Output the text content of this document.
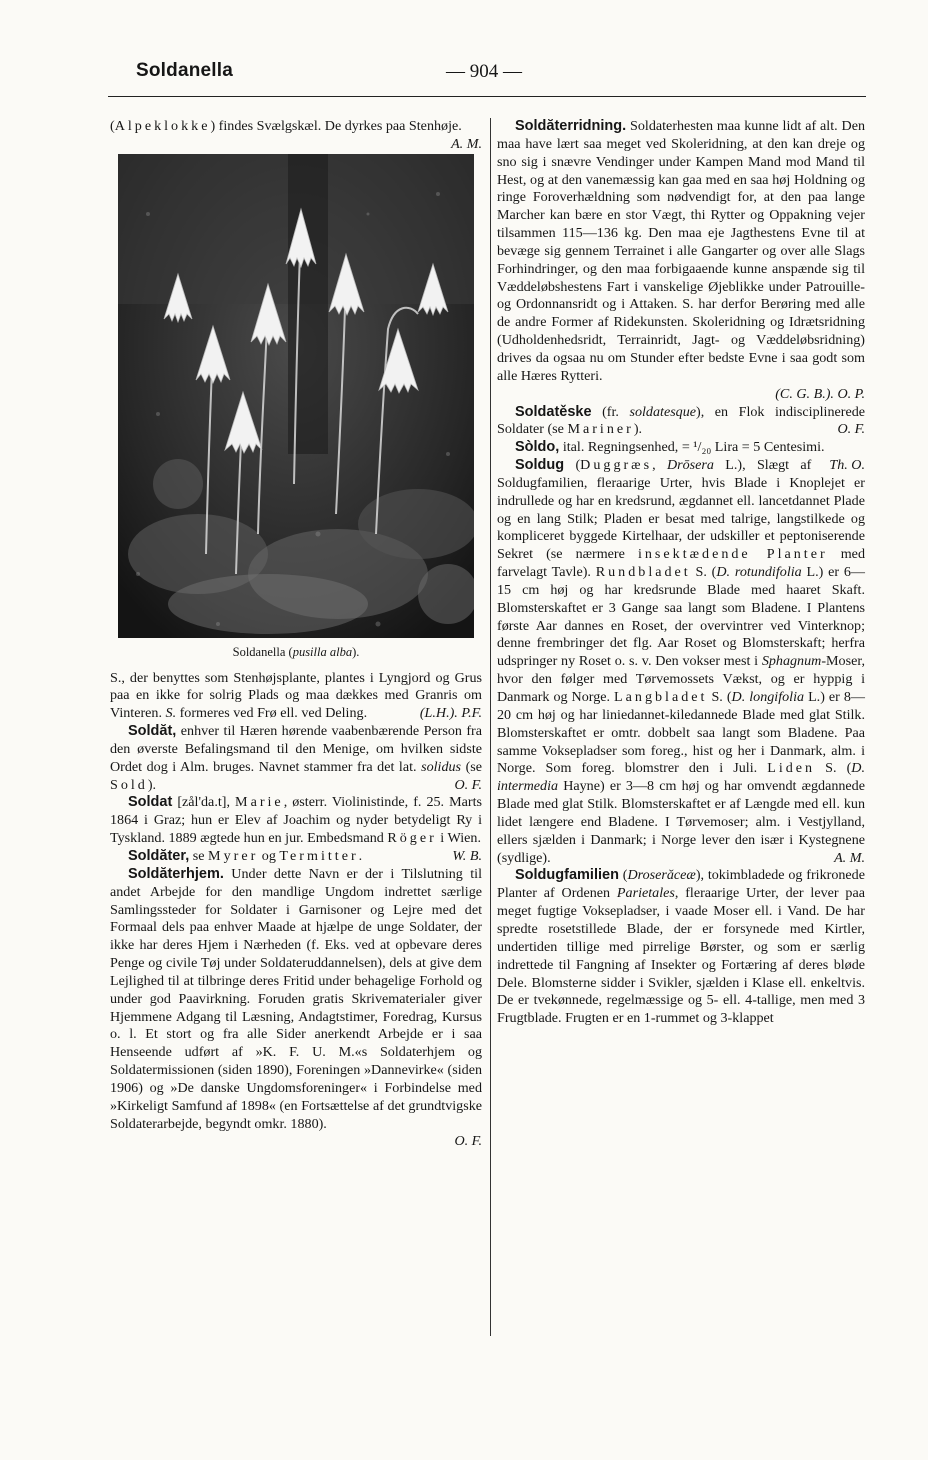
Soldanella	— 904 —

(Alpeklokke) findes Svælgskæl. De dyrkes paa Stenhøje.
A. M.

Soldanella (pusilla alba).

S., der benyttes som Stenhøjsplante, plantes i Lyngjord og Grus paa en ikke for solrig Plads og maa dækkes med Granris om Vinteren. S. formeres ved Frø ell. ved Deling.	(L.H.). P.F.

Soldăt, enhver til Hæren hørende vaabenbærende Person fra den øverste Befalingsmand til den Menige, om hvilken sidste Ordet dog i Alm. bruges. Navnet stammer fra det lat. solidus (se Sold).	O. F.

Soldat [zål'da.t], Marie, østerr. Violinistinde, f. 25. Marts 1864 i Graz; hun er Elev af Joachim og nyder betydeligt Ry i Tyskland. 1889 ægtede hun en jur. Embedsmand Röger i Wien.
W. B.

Soldăter, se Myrer og Termitter.

Soldăterhjem. Under dette Navn er der i Tilslutning til andet Arbejde for den mandlige Ungdom indrettet særlige Samlingssteder for Soldater i Garnisoner og Lejre med det Formaal dels paa enhver Maade at hjælpe de unge Soldater, der ikke har deres Hjem i Nærheden (f. Eks. ved at opbevare deres Penge og civile Tøj under Soldateruddannelsen), dels at give dem Lejlighed til at tilbringe deres Fritid under behagelige Forhold og under god Paavirkning. Foruden gratis Skrivematerialer giver Hjemmene Adgang til Læsning, Andagtstimer, Foredrag, Kursus o. l. Et stort og fra alle Sider anerkendt Arbejde er i saa Henseende udført af »K. F. U. M.«s Soldaterhjem og Soldatermissionen (siden 1890), Foreningen »Dannevirke« (siden 1906) og »De danske Ungdomsforeninger« i Forbindelse med »Kirkeligt Samfund af 1898« (en Fortsættelse af det grundtvigske Soldaterarbejde, begyndt omkr. 1880).

O. F.

Soldăterridning. Soldaterhesten maa kunne lidt af alt. Den maa have lært saa meget ved Skoleridning, at den kan dreje og sno sig i snævre Vendinger under Kampen Mand mod Mand til Hest, og at den vanemæssig kan gaa med en saa høj Holdning og ringe Foroverhældning som nødvendigt for, at den paa lange Marcher kan bære en stor Vægt, thi Rytter og Oppakning vejer tilsammen 115—136 kg. Den maa eje Jagthestens Evne til at bevæge sig gennem Terrainet i alle Gangarter og over alle Slags Forhindringer, og den maa forbigaaende kunne anspænde sig til Væddeløbshestens Fart i vanskelige Øjeblikke under Patrouille- og Ordonnansridt og i Attaken. S. har derfor Berøring med alle de andre Former af Ridekunsten. Skoleridning og Idrætsridning (Udholdenhedsridt, Terrainridt, Jagt- og Væddeløbsridning) drives da ogsaa nu om Stunder efter bedste Evne i saa godt som alle Hæres Rytteri.

(C. G. B.). O. P.

Soldatěske (fr. soldatesque), en Flok indisciplinerede Soldater (se Mariner).	O. F.

Sòldo, ital. Regningsenhed, = ¹/₂₀ Lira = 5 Centesimi.
Th. O.

Soldug (Duggræs, Drōsera L.), Slægt af Soldugfamilien, fleraarige Urter, hvis Blade i Knoplejet er indrullede og har en kredsrund, ægdannet ell. lancetdannet Plade og en lang Stilk; Pladen er besat med talrige, langstilkede og kompliceret byggede Kirtelhaar, der udskiller et peptoniserende Sekret (se nærmere insektædende Planter med farvelagt Tavle). Rundbladet S. (D. rotundifolia L.) er 6—15 cm høj og har kredsrunde Blade med haaret Skaft. Blomsterskaftet er 3 Gange saa langt som Bladene. I Plantens første Aar dannes en Roset, der overvintrer ved Vinterknop; denne frembringer det flg. Aar Roset og Blomsterskaft; herfra udspringer ny Roset o. s. v. Den vokser mest i Sphagnum-Moser, hvor den følger med Tørvemossets Vækst, og er hyppig i Danmark og Norge. Langbladet S. (D. longifolia L.) er 8—20 cm høj og har liniedannet-kiledannede Blade med glat Stilk. Blomsterskaftet er omtr. dobbelt saa langt som Bladene. Paa samme Voksepladser som foreg., hist og her i Danmark, alm. i Norge. Som foreg. blomstrer den i Juli. Liden S. (D. intermedia Hayne) er 3—8 cm høj og har omvendt ægdannede Blade med glat Stilk. Blomsterskaftet er af Længde med ell. kun lidet længere end Bladene. I Tørvemoser; alm. i Vestjylland, ellers sjælden i Danmark; i Norge lever den især i Kystegnene (sydlige).	A. M.

Soldugfamilien (Droserăceæ), tokimbladede og frikronede Planter af Ordenen Parietales, fleraarige Urter, der lever paa meget fugtige Voksepladser, i vaade Moser ell. i Vand. De har spredte rosetstillede Blade, der er forsynede med Kirtler, undertiden tillige med pirrelige Børster, og som er særlig indrettede til Fangning af Insekter og Fortæring af deres bløde Dele. Blomsterne sidder i Svikler, sjælden i Klase ell. enkeltvis. De er tvekønnede, regelmæssige og 5- ell. 4-tallige, men med 3 Frugtblade. Frugten er en 1-rummet og 3-klappet
